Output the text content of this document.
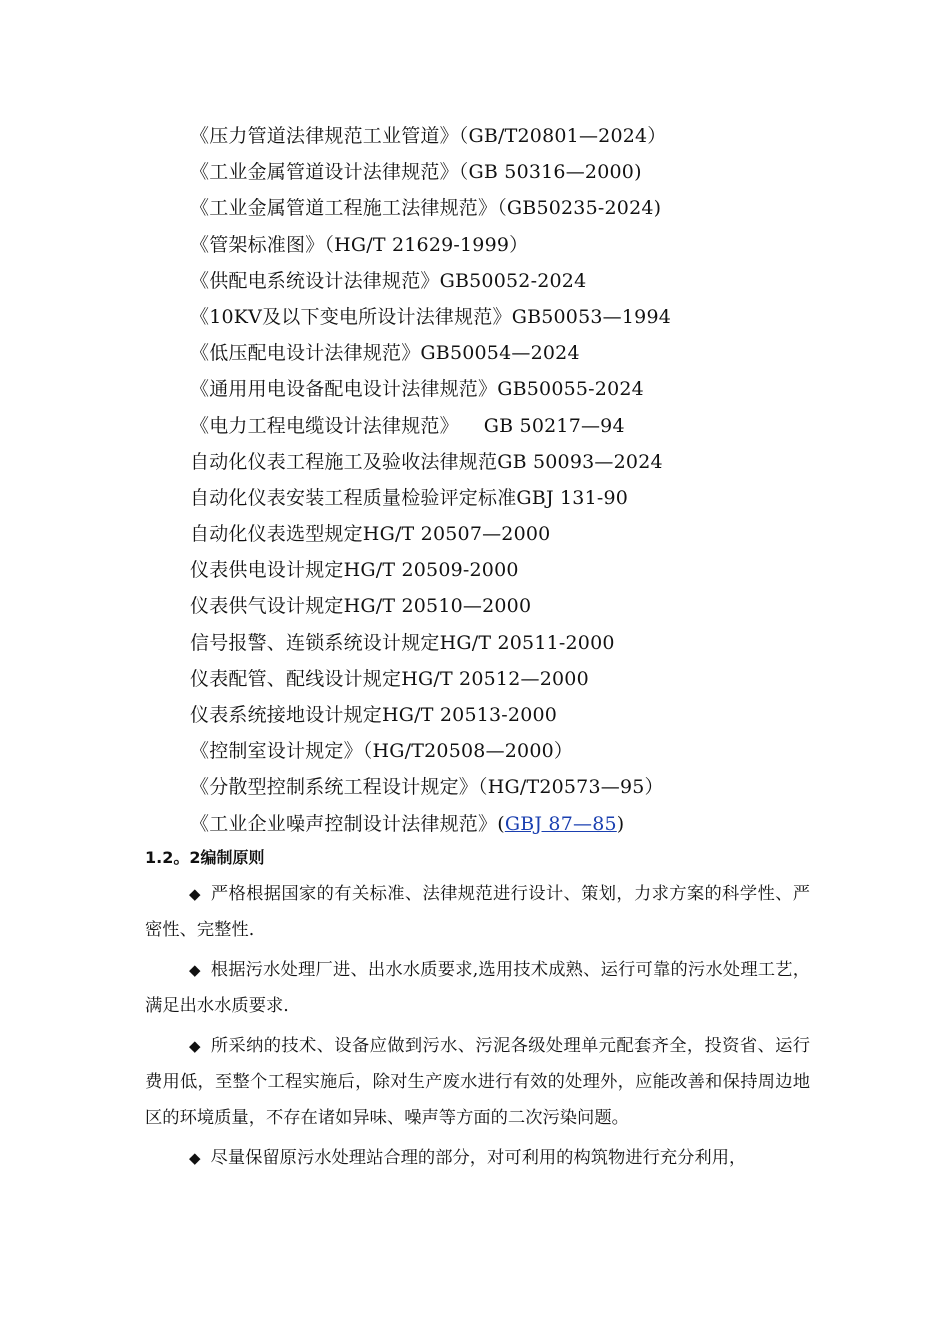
《压力管道法律规范工业管道》（GB/T20801—2024）
《工业金属管道设计法律规范》（GB 50316—2000)
《工业金属管道工程施工法律规范》（GB50235-2024)
《管架标准图》（HG/T 21629-1999）
《供配电系统设计法律规范》GB50052-2024
《10KV及以下变电所设计法律规范》GB50053—1994
《低压配电设计法律规范》GB50054—2024
《通用用电设备配电设计法律规范》GB50055-2024
《电力工程电缆设计法律规范》    GB 50217—94
自动化仪表工程施工及验收法律规范GB 50093—2024
自动化仪表安装工程质量检验评定标准GBJ 131-90
自动化仪表选型规定HG/T 20507—2000
仪表供电设计规定HG/T 20509-2000
仪表供气设计规定HG/T 20510—2000
信号报警、连锁系统设计规定HG/T 20511-2000
仪表配管、配线设计规定HG/T 20512—2000
仪表系统接地设计规定HG/T 20513-2000
《控制室设计规定》（HG/T20508—2000）
《分散型控制系统工程设计规定》（HG/T20573—95）
《工业企业噪声控制设计法律规范》(GBJ 87—85)
1.2。2编制原则

◆ 严格根据国家的有关标准、法律规范进行设计、策划，力求方案的科学性、严密性、完整性.

◆ 根据污水处理厂进、出水水质要求,选用技术成熟、运行可靠的污水处理工艺，满足出水水质要求.

◆ 所采纳的技术、设备应做到污水、污泥各级处理单元配套齐全，投资省、运行费用低，至整个工程实施后，除对生产废水进行有效的处理外，应能改善和保持周边地区的环境质量，不存在诸如异味、噪声等方面的二次污染问题。

◆ 尽量保留原污水处理站合理的部分，对可利用的构筑物进行充分利用，
